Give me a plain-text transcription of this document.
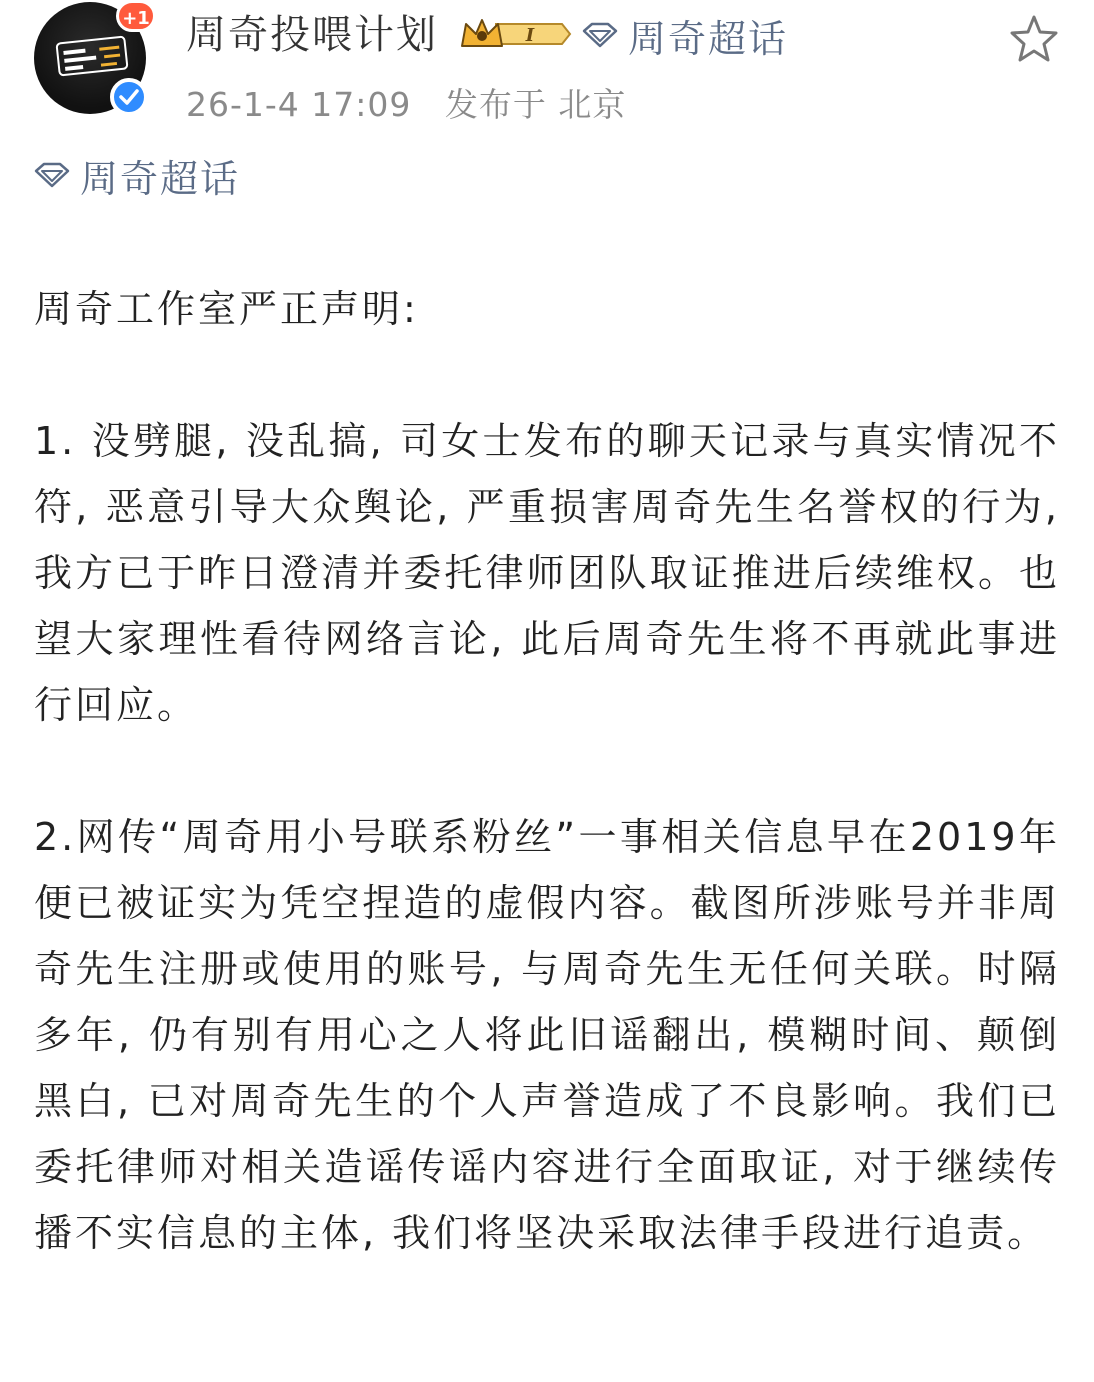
+1 周奇投喂计划	I 周奇超话
26-1-4 17:09 发布于 北京
周奇超话

周奇工作室严正声明:

1. 没劈腿, 没乱搞, 司女士发布的聊天记录与真实情况不符, 恶意引导大众舆论, 严重损害周奇先生名誉权的行为, 我方已于昨日澄清并委托律师团队取证推进后续维权。也望大家理性看待网络言论, 此后周奇先生将不再就此事进行回应。

2.网传“周奇用小号联系粉丝”一事相关信息早在2019年便已被证实为凭空捏造的虚假内容。截图所涉账号并非周奇先生注册或使用的账号, 与周奇先生无任何关联。时隔多年, 仍有别有用心之人将此旧谣翻出, 模糊时间、颠倒黑白, 已对周奇先生的个人声誉造成了不良影响。我们已委托律师对相关造谣传谣内容进行全面取证, 对于继续传播不实信息的主体, 我们将坚决采取法律手段进行追责。
